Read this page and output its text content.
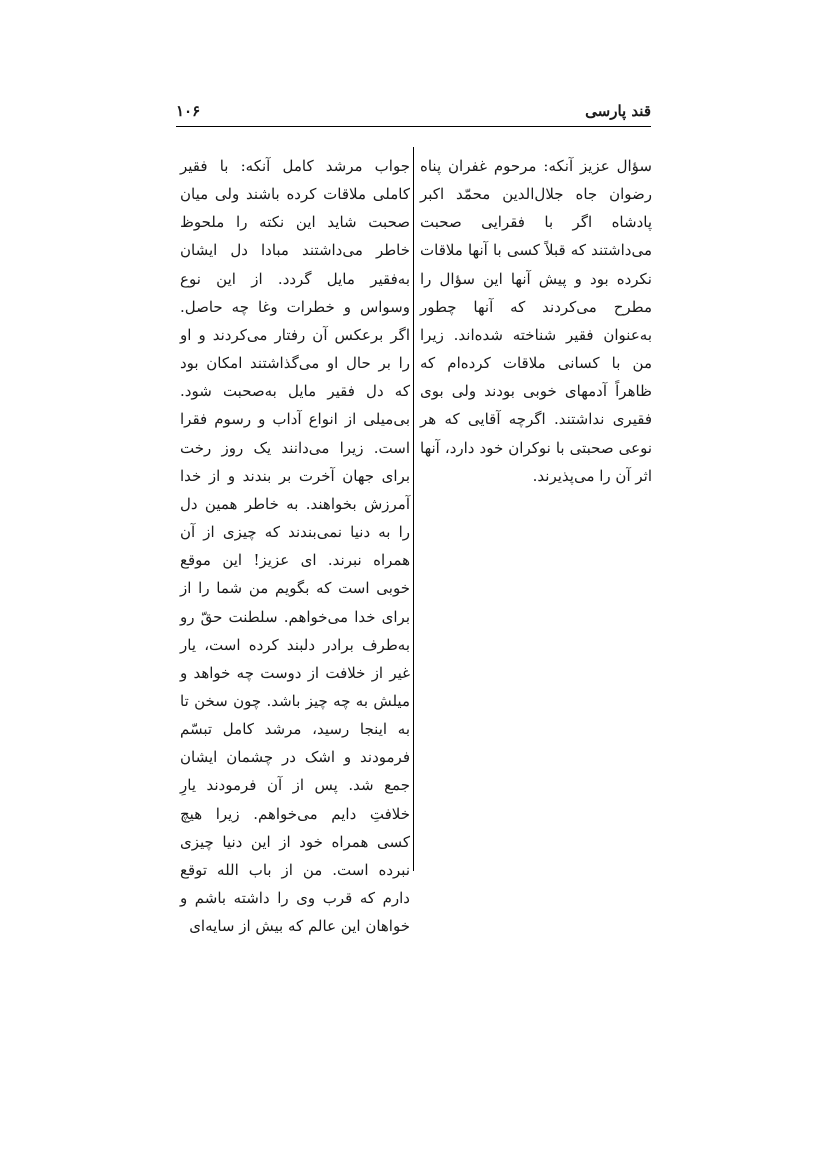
قند پارسی
۱۰۶
سؤال عزیز آنکه: مرحوم غفران پناه رضوان جاه جلال‌الدین محمّد اکبر پادشاه اگر با فقرایی صحبت می‌داشتند که قبلاً کسی با آنها ملاقات نکرده بود و پیش آنها این سؤال را مطرح می‌کردند که آنها چطور به‌عنوان فقیر شناخته شده‌اند. زیرا من با کسانی ملاقات کرده‌ام که ظاهراً آدمهای خوبی بودند ولی بوی فقیری نداشتند. اگرچه آقایی که هر نوعی صحبتی با نوکران خود دارد، آنها اثر آن را می‌پذیرند.
جواب مرشد کامل آنکه: با فقیر کاملی ملاقات کرده باشند ولی میان صحبت شاید این نکته را ملحوظ خاطر می‌داشتند مبادا دل ایشان به‌فقیر مایل گردد. از این نوع وسواس و خطرات وغا چه حاصل. اگر برعکس آن رفتار می‌کردند و او را بر حال او می‌گذاشتند امکان بود که دل فقیر مایل به‌صحبت شود. بی‌میلی از انواع آداب و رسوم فقرا است. زیرا می‌دانند یک روز رخت برای جهان آخرت بر بندند و از خدا آمرزش بخواهند. به خاطر همین دل را به دنیا نمی‌بندند که چیزی از آن همراه نبرند. ای عزیز! این موقع خوبی است که بگویم من شما را از برای خدا می‌خواهم. سلطنت حقّ رو به‌طرف برادر دلبند کرده است، یار غیر از خلافت از دوست چه خواهد و میلش به چه چیز باشد. چون سخن تا به اینجا رسید، مرشد کامل تبسّم فرمودند و اشک در چشمان ایشان جمع شد. پس از آن فرمودند یارِ خلافتِ دایم می‌خواهم. زیرا هیچ کسی همراه خود از این دنیا چیزی نبرده است. من از باب الله توقع دارم که قرب وی را داشته باشم و خواهان این عالم که بیش از سایه‌ای
